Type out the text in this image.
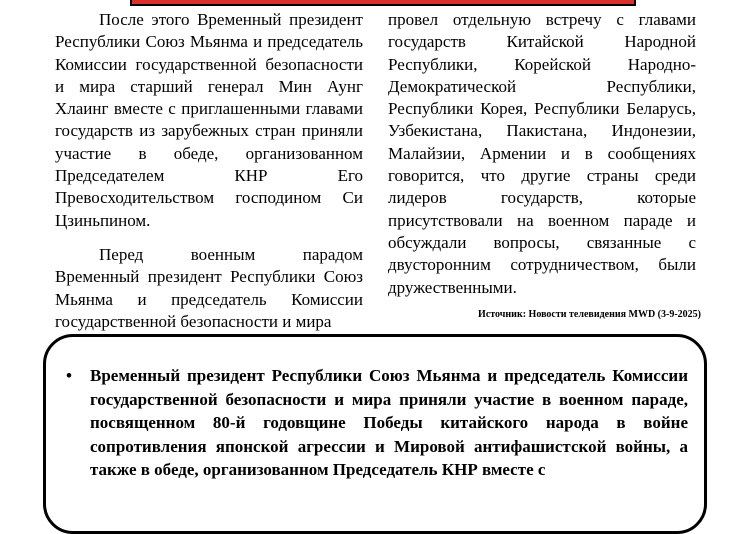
После этого Временный президент Республики Союз Мьянма и председатель Комиссии государственной безопасности и мира старший генерал Мин Аунг Хлаинг вместе с приглашенными главами государств из зарубежных стран приняли участие в обеде, организованном Председателем КНР Его Превосходительством господином Си Цзиньпином.

Перед военным парадом Временный президент Республики Союз Мьянма и председатель Комиссии государственной безопасности и мира

провел отдельную встречу с главами государств Китайской Народной Республики, Корейской Народно-Демократической Республики, Республики Корея, Республики Беларусь, Узбекистана, Пакистана, Индонезии, Малайзии, Армении и в сообщениях говорится, что другие страны среди лидеров государств, которые присутствовали на военном параде и обсуждали вопросы, связанные с двусторонним сотрудничеством, были дружественными.

Источник: Новости телевидения MWD (3-9-2025)
• Временный президент Республики Союз Мьянма и председатель Комиссии государственной безопасности и мира приняли участие в военном параде, посвященном 80-й годовщине Победы китайского народа в войне сопротивления японской агрессии и Мировой антифашистской войны, а также в обеде, организованном Председатель КНР вместе с
